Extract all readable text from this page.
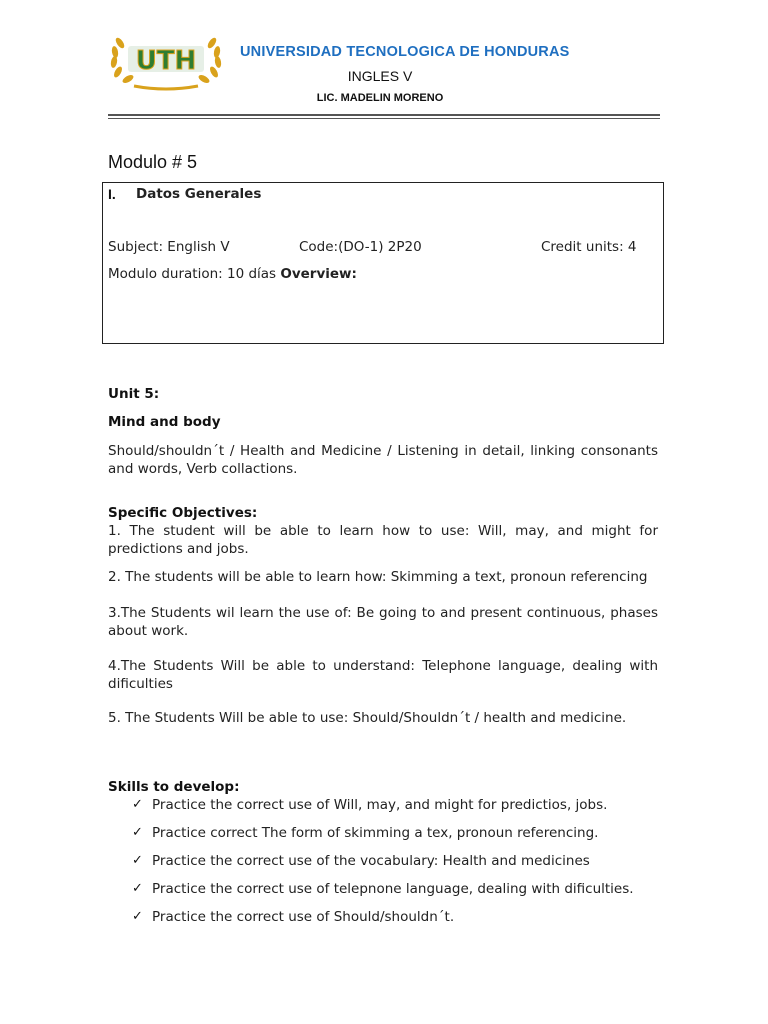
UTH	UNIVERSIDAD TECNOLOGICA DE HONDURAS
INGLES V
LIC. MADELIN MORENO
Modulo # 5
I. Datos Generales
Subject: English V	Code:(DO-1) 2P20	Credit units: 4
Modulo duration: 10 días Overview:
Unit 5:
Mind and body
Should/shouldn´t / Health and Medicine / Listening in detail, linking consonants and words, Verb collactions.
Specific Objectives:
1. The student will be able to learn how to use: Will, may, and might for predictions and jobs.
2. The students will be able to learn how: Skimming a text, pronoun referencing
3.The Students wil learn the use of: Be going to and present continuous, phases about work.
4.The Students Will be able to understand: Telephone language, dealing with dificulties
5. The Students Will be able to use: Should/Shouldn´t / health and medicine.
Skills to develop:
✓ Practice the correct use of Will, may, and might for predictios, jobs.
✓ Practice correct The form of skimming a tex, pronoun referencing.
✓ Practice the correct use of the vocabulary: Health and medicines
✓ Practice the correct use of telepnone language, dealing with dificulties.
✓ Practice the correct use of Should/shouldn´t.
